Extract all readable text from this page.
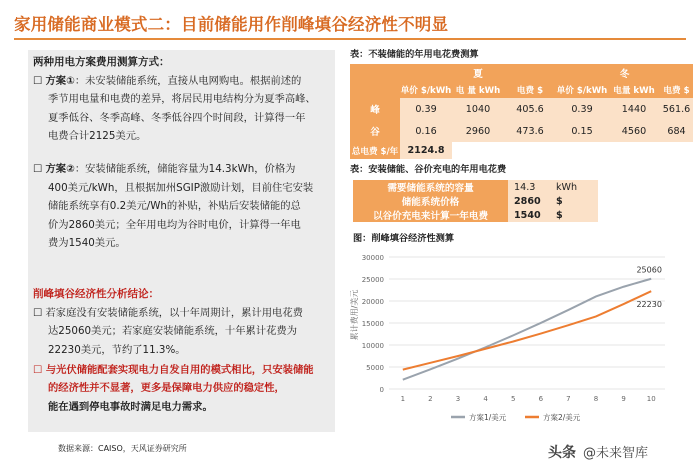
家用储能商业模式二：目前储能用作削峰填谷经济性不明显
两种用电方案费用测算方式：
☐ 方案①：未安装储能系统，直接从电网购电。根据前述的
季节用电量和电费的差异，将居民用电结构分为夏季高峰、
夏季低谷、冬季高峰、冬季低谷四个时间段，计算得一年
电费合计2125美元。
☐ 方案②：安装储能系统，储能容量为14.3kWh，价格为
400美元/kWh，且根据加州SGIP激励计划，目前住宅安装
储能系统享有0.2美元/Wh的补贴，补贴后安装储能的总
价为2860美元；全年用电均为谷时电价，计算得一年电
费为1540美元。
削峰填谷经济性分析结论：
☐ 若家庭没有安装储能系统，以十年周期计，累计用电花费
达25060美元；若家庭安装储能系统，十年累计花费为
22230美元，节约了11.3%。
☐ 与光伏储能配套实现电力自发自用的模式相比，只安装储能
的经济性并不显著，更多是保障电力供应的稳定性，
能在遇到停电事故时满足电力需求。
数据来源：CAISO，天风证券研究所
表：不装储能的年用电花费测算
	夏			冬		
	单价 $/kWh	电 量 kWh	电费 $	单价 $/kWh	电量 kWh	电费 $
峰	0.39	1040	405.6	0.39	1440	561.6
谷	0.16	2960	473.6	0.15	4560	684
总电费 $/年	2124.8					
表：安装储能、谷价充电的年用电花费
需要储能系统的容量	14.3	kWh
储能系统价格	2860	$
以谷价充电来计算一年电费	1540	$
图：削峰填谷经济性测算
0
5000
10000
15000
20000
25000
30000
1	2	3	4	5	6	7	8	9	10
25060
22230
方案1/美元	方案2/美元
累计费用/美元
头条 @未来智库
